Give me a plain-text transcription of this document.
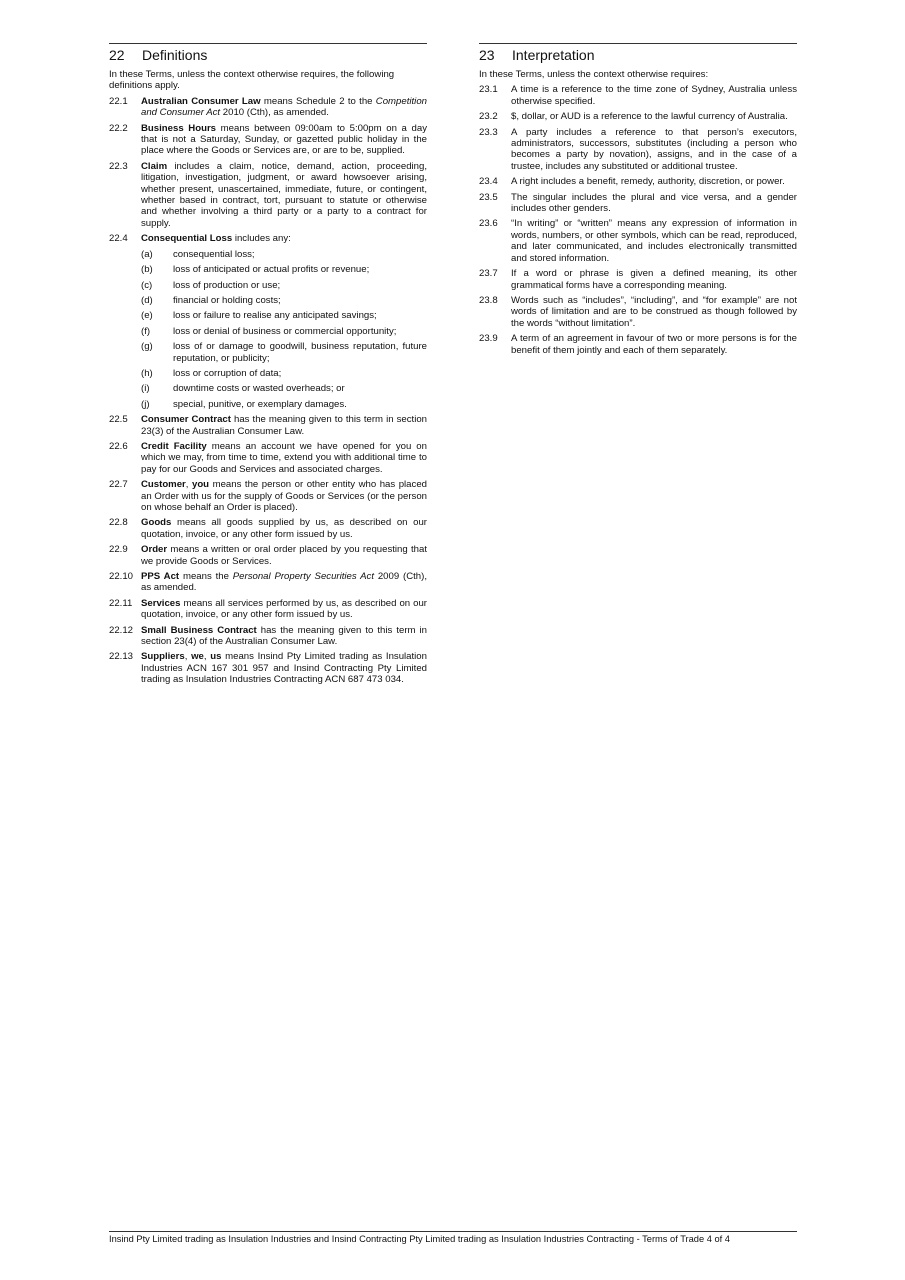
22	Definitions
In these Terms, unless the context otherwise requires, the following definitions apply.
22.1	Australian Consumer Law means Schedule 2 to the Competition and Consumer Act 2010 (Cth), as amended.
22.2	Business Hours means between 09:00am to 5:00pm on a day that is not a Saturday, Sunday, or gazetted public holiday in the place where the Goods or Services are, or are to be, supplied.
22.3	Claim includes a claim, notice, demand, action, proceeding, litigation, investigation, judgment, or award howsoever arising, whether present, unascertained, immediate, future, or contingent, whether based in contract, tort, pursuant to statute or otherwise and whether involving a third party or a party to a contract for supply.
22.4	Consequential Loss includes any:
(a)	consequential loss;
(b)	loss of anticipated or actual profits or revenue;
(c)	loss of production or use;
(d)	financial or holding costs;
(e)	loss or failure to realise any anticipated savings;
(f)	loss or denial of business or commercial opportunity;
(g)	loss of or damage to goodwill, business reputation, future reputation, or publicity;
(h)	loss or corruption of data;
(i)	downtime costs or wasted overheads; or
(j)	special, punitive, or exemplary damages.
22.5	Consumer Contract has the meaning given to this term in section 23(3) of the Australian Consumer Law.
22.6	Credit Facility means an account we have opened for you on which we may, from time to time, extend you with additional time to pay for our Goods and Services and associated charges.
22.7	Customer, you means the person or other entity who has placed an Order with us for the supply of Goods or Services (or the person on whose behalf an Order is placed).
22.8	Goods means all goods supplied by us, as described on our quotation, invoice, or any other form issued by us.
22.9	Order means a written or oral order placed by you requesting that we provide Goods or Services.
22.10 PPS Act means the Personal Property Securities Act 2009 (Cth), as amended.
22.11 Services means all services performed by us, as described on our quotation, invoice, or any other form issued by us.
22.12 Small Business Contract has the meaning given to this term in section 23(4) of the Australian Consumer Law.
22.13 Suppliers, we, us means Insind Pty Limited trading as Insulation Industries ACN 167 301 957 and Insind Contracting Pty Limited trading as Insulation Industries Contracting ACN 687 473 034.
23	Interpretation
In these Terms, unless the context otherwise requires:
23.1	A time is a reference to the time zone of Sydney, Australia unless otherwise specified.
23.2	$, dollar, or AUD is a reference to the lawful currency of Australia.
23.3	A party includes a reference to that person’s executors, administrators, successors, substitutes (including a person who becomes a party by novation), assigns, and in the case of a trustee, includes any substituted or additional trustee.
23.4	A right includes a benefit, remedy, authority, discretion, or power.
23.5	The singular includes the plural and vice versa, and a gender includes other genders.
23.6	“In writing” or “written” means any expression of information in words, numbers, or other symbols, which can be read, reproduced, and later communicated, and includes electronically transmitted and stored information.
23.7	If a word or phrase is given a defined meaning, its other grammatical forms have a corresponding meaning.
23.8	Words such as “includes”, “including”, and “for example” are not words of limitation and are to be construed as though followed by the words “without limitation”.
23.9	A term of an agreement in favour of two or more persons is for the benefit of them jointly and each of them separately.
Insind Pty Limited trading as Insulation Industries and Insind Contracting Pty Limited trading as Insulation Industries Contracting - Terms of Trade 4 of 4
